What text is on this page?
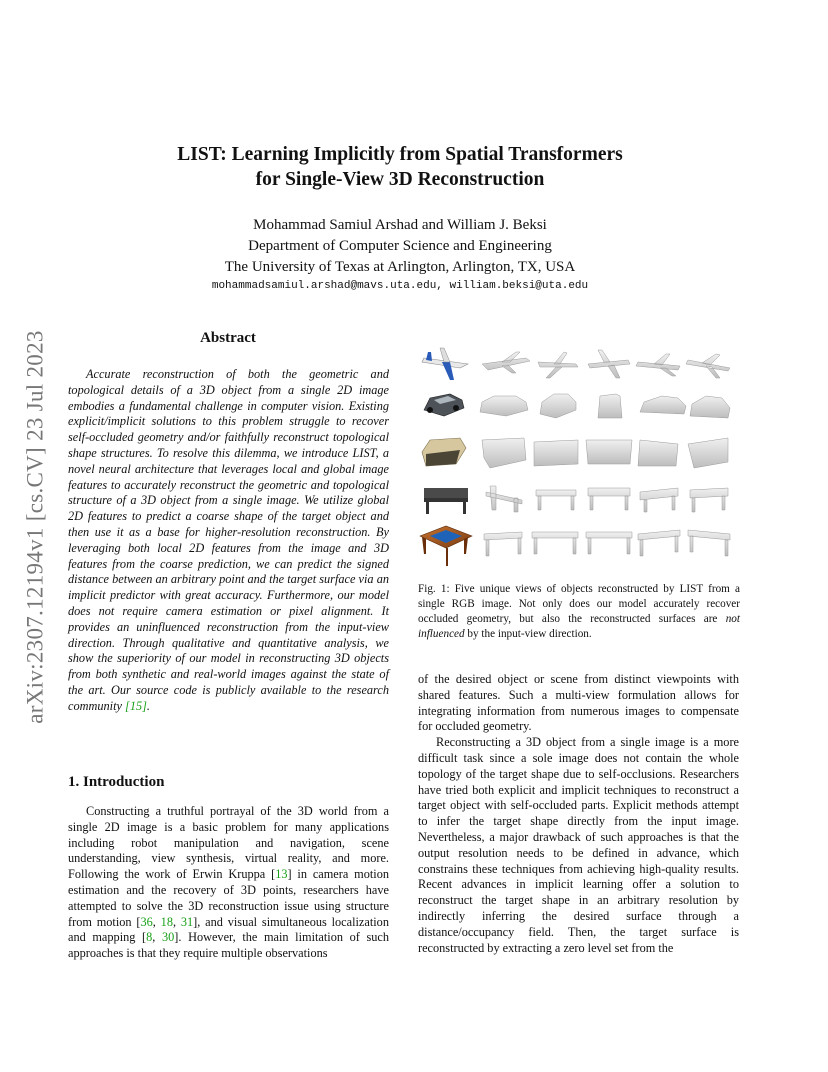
arXiv:2307.12194v1 [cs.CV] 23 Jul 2023
LIST: Learning Implicitly from Spatial Transformers
for Single-View 3D Reconstruction
Mohammad Samiul Arshad and William J. Beksi
Department of Computer Science and Engineering
The University of Texas at Arlington, Arlington, TX, USA
mohammadsamiul.arshad@mavs.uta.edu, william.beksi@uta.edu
Abstract

Accurate reconstruction of both the geometric and topological details of a 3D object from a single 2D image embodies a fundamental challenge in computer vision. Existing explicit/implicit solutions to this problem struggle to recover self-occluded geometry and/or faithfully reconstruct topological shape structures. To resolve this dilemma, we introduce LIST, a novel neural architecture that leverages local and global image features to accurately reconstruct the geometric and topological structure of a 3D object from a single image. We utilize global 2D features to predict a coarse shape of the target object and then use it as a base for higher-resolution reconstruction. By leveraging both local 2D features from the image and 3D features from the coarse prediction, we can predict the signed distance between an arbitrary point and the target surface via an implicit predictor with great accuracy. Furthermore, our model does not require camera estimation or pixel alignment. It provides an uninfluenced reconstruction from the input-view direction. Through qualitative and quantitative analysis, we show the superiority of our model in reconstructing 3D objects from both synthetic and real-world images against the state of the art. Our source code is publicly available to the research community [15].

1. Introduction

Constructing a truthful portrayal of the 3D world from a single 2D image is a basic problem for many applications including robot manipulation and navigation, scene understanding, view synthesis, virtual reality, and more. Following the work of Erwin Kruppa [13] in camera motion estimation and the recovery of 3D points, researchers have attempted to solve the 3D reconstruction issue using structure from motion [36, 18, 31], and visual simultaneous localization and mapping [8, 30]. However, the main limitation of such approaches is that they require multiple observations

Fig. 1: Five unique views of objects reconstructed by LIST from a single RGB image. Not only does our model accurately recover occluded geometry, but also the reconstructed surfaces are not influenced by the input-view direction.

of the desired object or scene from distinct viewpoints with shared features. Such a multi-view formulation allows for integrating information from numerous images to compensate for occluded geometry.

Reconstructing a 3D object from a single image is a more difficult task since a sole image does not contain the whole topology of the target shape due to self-occlusions. Researchers have tried both explicit and implicit techniques to reconstruct a target object with self-occluded parts. Explicit methods attempt to infer the target shape directly from the input image. Nevertheless, a major drawback of such approaches is that the output resolution needs to be defined in advance, which constrains these techniques from achieving high-quality results. Recent advances in implicit learning offer a solution to reconstruct the target shape in an arbitrary resolution by indirectly inferring the desired surface through a distance/occupancy field. Then, the target surface is reconstructed by extracting a zero level set from the
